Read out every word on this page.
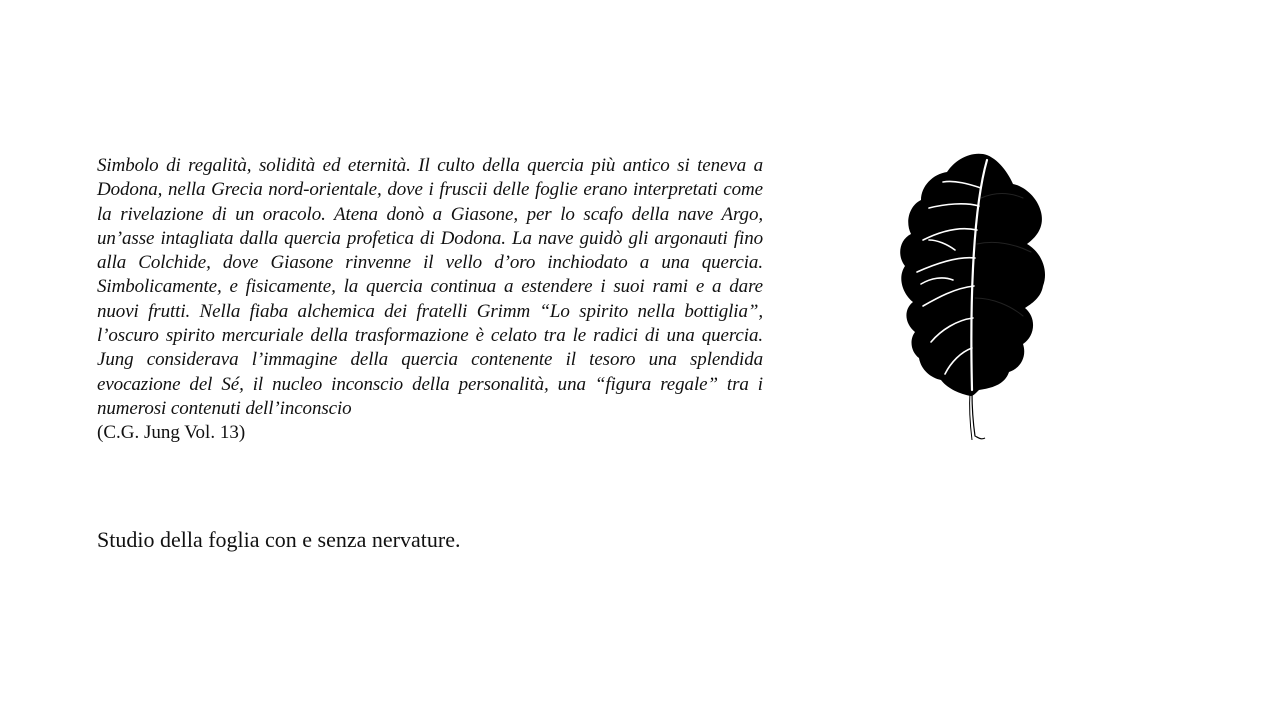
Simbolo di regalità, solidità ed eternità. Il culto della quercia più antico si teneva a Dodona, nella Grecia nord-orientale, dove i fruscii delle foglie erano interpretati come la rivelazione di un oracolo. Atena donò a Giasone, per lo scafo della nave Argo, un’asse intagliata dalla quercia profetica di Dodona. La nave guidò gli argonauti fino alla Colchide, dove Giasone rinvenne il vello d’oro inchiodato a una quercia. Simbolicamente, e fisicamente, la quercia continua a estendere i suoi rami e a dare nuovi frutti. Nella fiaba alchemica dei fratelli Grimm “Lo spirito nella bottiglia”, l’oscuro spirito mercuriale della trasformazione è celato tra le radici di una quercia. Jung considerava l’immagine della quercia contenente il tesoro una splendida evocazione del Sé, il nucleo inconscio della personalità, una “figura regale” tra i numerosi contenuti dell’inconscio

(C.G. Jung Vol. 13)

Studio della foglia con e senza nervature.
